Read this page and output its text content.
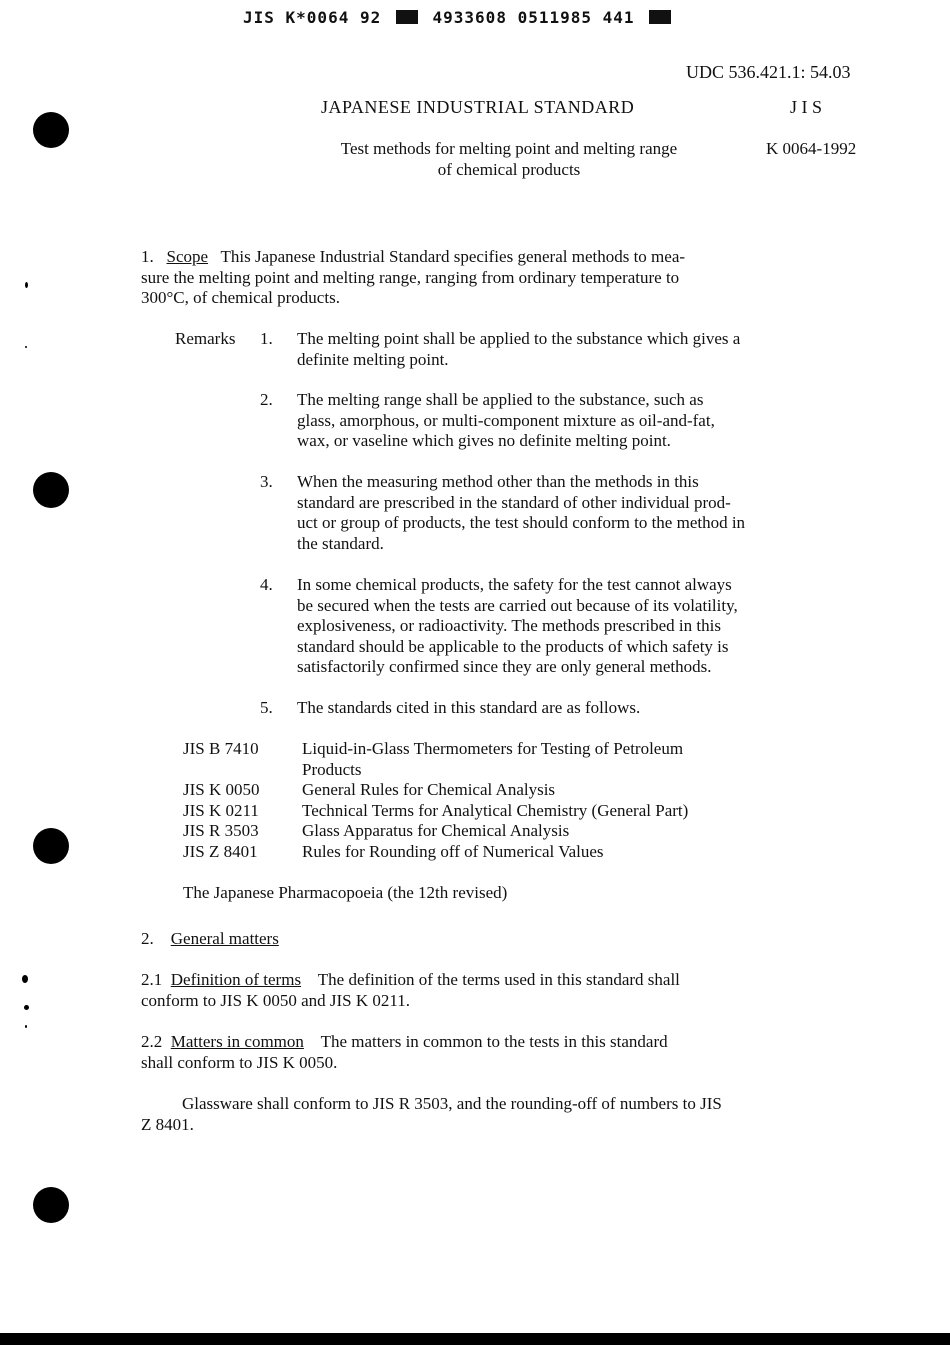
JIS K*0064 92	4933608 0511985 441
UDC 536.421.1: 54.03
JAPANESE INDUSTRIAL STANDARD	J I S
Test methods for melting point and melting range
of chemical products
K 0064-1992
1. Scope This Japanese Industrial Standard specifies general methods to mea-
sure the melting point and melting range, ranging from ordinary temperature to
300°C, of chemical products.
Remarks 1. The melting point shall be applied to the substance which gives a
definite melting point.
2. The melting range shall be applied to the substance, such as
glass, amorphous, or multi-component mixture as oil-and-fat,
wax, or vaseline which gives no definite melting point.
3. When the measuring method other than the methods in this
standard are prescribed in the standard of other individual prod-
uct or group of products, the test should conform to the method in
the standard.
4. In some chemical products, the safety for the test cannot always
be secured when the tests are carried out because of its volatility,
explosiveness, or radioactivity. The methods prescribed in this
standard should be applicable to the products of which safety is
satisfactorily confirmed since they are only general methods.
5. The standards cited in this standard are as follows.
JIS B 7410	Liquid-in-Glass Thermometers for Testing of Petroleum
Products
JIS K 0050 General Rules for Chemical Analysis
JIS K 0211	Technical Terms for Analytical Chemistry (General Part)
JIS R 3503	Glass Apparatus for Chemical Analysis
JIS Z 8401	Rules for Rounding off of Numerical Values
The Japanese Pharmacopoeia (the 12th revised)
2. General matters
2.1 Definition of terms The definition of the terms used in this standard shall
conform to JIS K 0050 and JIS K 0211.
2.2 Matters in common The matters in common to the tests in this standard
shall conform to JIS K 0050.
Glassware shall conform to JIS R 3503, and the rounding-off of numbers to JIS
Z 8401.
